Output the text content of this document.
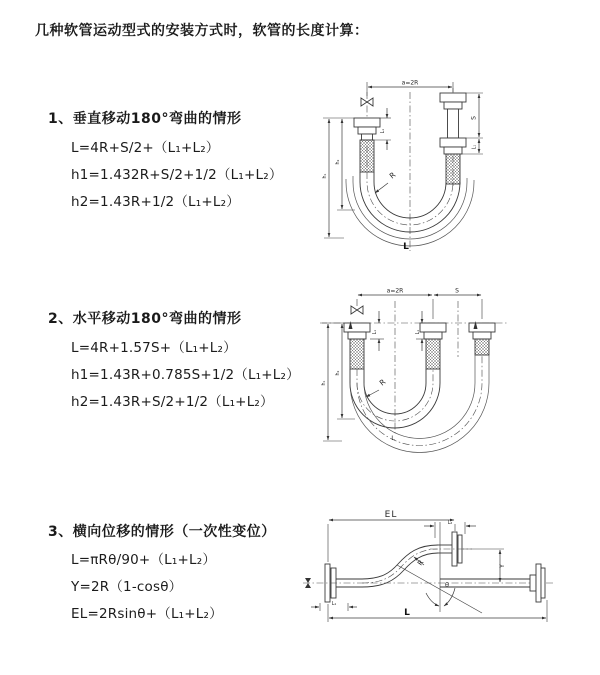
几种软管运动型式的安装方式时，软管的长度计算：
1、垂直移动180°弯曲的情形
L=4R+S/2+（L₁+L₂）
h1=1.432R+S/2+1/2（L₁+L₂）
h2=1.43R+1/2（L₁+L₂）
2、水平移动180°弯曲的情形
L=4R+1.57S+（L₁+L₂）
h1=1.43R+0.785S+1/2（L₁+L₂）
h2=1.43R+S/2+1/2（L₁+L₂）
3、横向位移的情形（一次性变位）
L=πRθ/90+（L₁+L₂）
Y=2R（1-cosθ）
EL=2Rsinθ+（L₁+L₂）
a=2R
L₁
S
L₁
h₁
h₂
R
L
a=2R	S
L₁	L₁
h₁
h₂
R
L
EL
L₂
θ
R	Y
L₁
L
